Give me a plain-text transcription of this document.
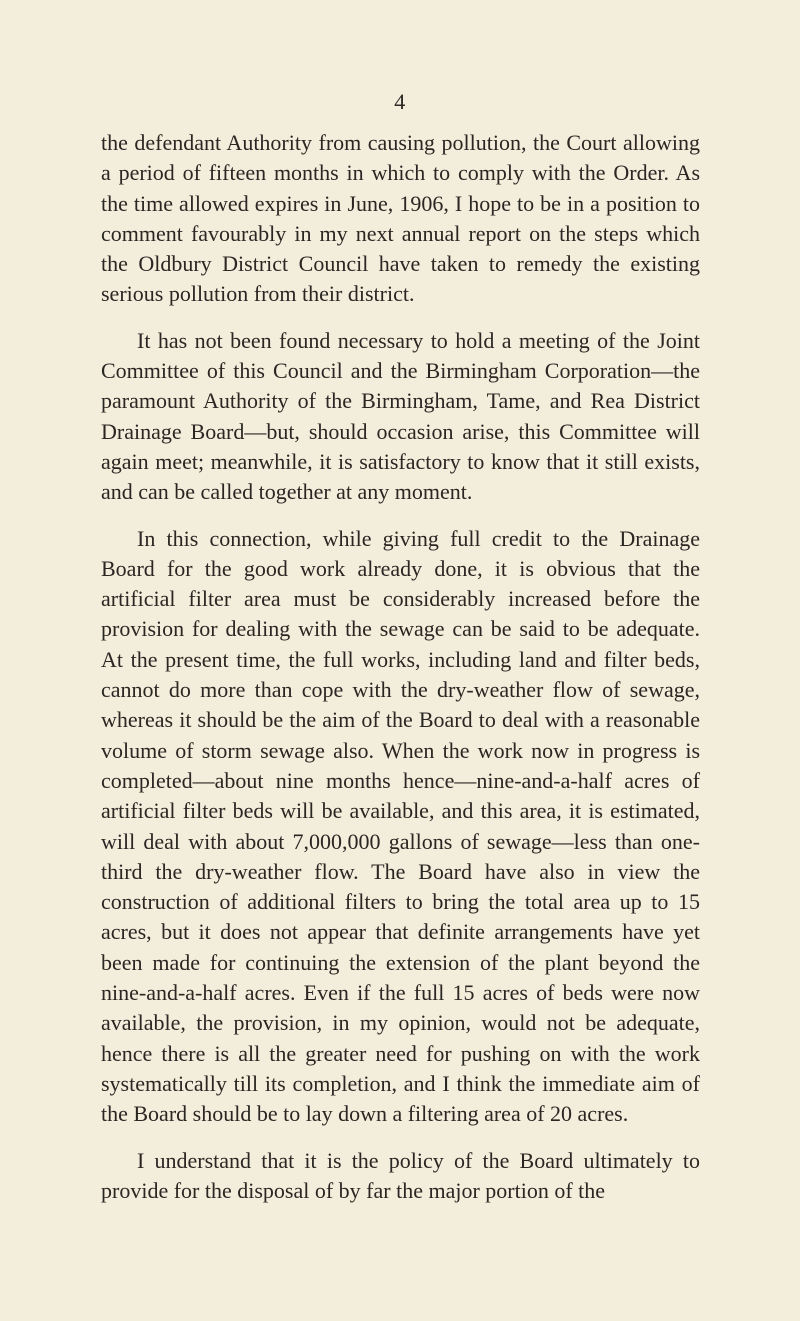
4

the defendant Authority from causing pollution, the Court allowing a period of fifteen months in which to comply with the Order. As the time allowed expires in June, 1906, I hope to be in a position to comment favourably in my next annual report on the steps which the Oldbury District Council have taken to remedy the existing serious pollution from their district.

It has not been found necessary to hold a meeting of the Joint Committee of this Council and the Birmingham Corporation—the paramount Authority of the Birmingham, Tame, and Rea District Drainage Board—but, should occasion arise, this Committee will again meet; meanwhile, it is satisfactory to know that it still exists, and can be called together at any moment.

In this connection, while giving full credit to the Drainage Board for the good work already done, it is obvious that the artificial filter area must be considerably increased before the provision for dealing with the sewage can be said to be adequate. At the present time, the full works, including land and filter beds, cannot do more than cope with the dry-weather flow of sewage, whereas it should be the aim of the Board to deal with a reasonable volume of storm sewage also. When the work now in progress is completed—about nine months hence—nine-and-a-half acres of artificial filter beds will be available, and this area, it is estimated, will deal with about 7,000,000 gallons of sewage—less than one-third the dry-weather flow. The Board have also in view the construction of additional filters to bring the total area up to 15 acres, but it does not appear that definite arrangements have yet been made for continuing the extension of the plant beyond the nine-and-a-half acres. Even if the full 15 acres of beds were now available, the provision, in my opinion, would not be adequate, hence there is all the greater need for pushing on with the work systematically till its completion, and I think the immediate aim of the Board should be to lay down a filtering area of 20 acres.

I understand that it is the policy of the Board ultimately to provide for the disposal of by far the major portion of the
